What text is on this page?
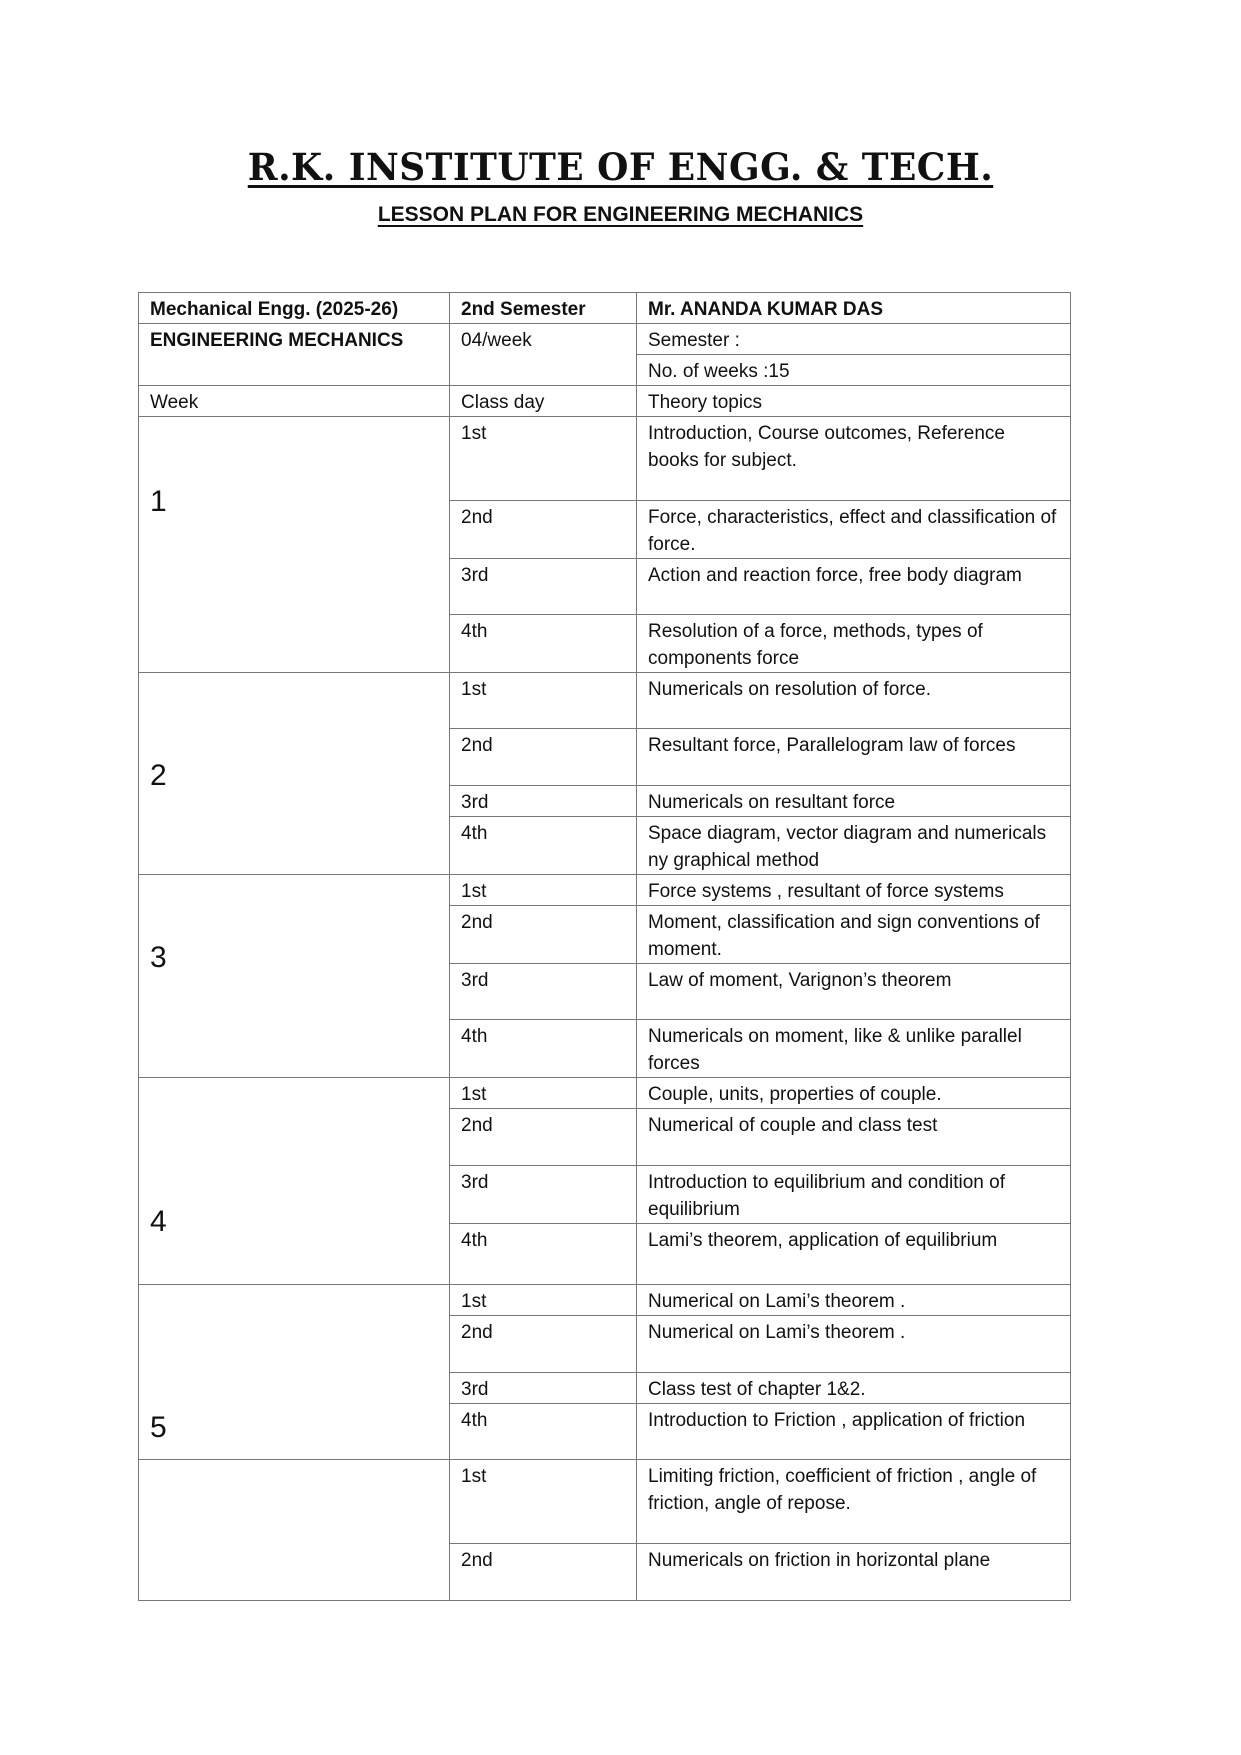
R.K. INSTITUTE OF ENGG. & TECH.
LESSON PLAN FOR ENGINEERING MECHANICS
Mechanical Engg. (2025-26)	2nd Semester	Mr. ANANDA KUMAR DAS
ENGINEERING MECHANICS	04/week	Semester :
		No. of weeks :15
Week	Class day	Theory topics
1	1st	Introduction, Course outcomes, Reference books for subject.
	2nd	Force, characteristics, effect and classification of force.
	3rd	Action and reaction force, free body diagram
	4th	Resolution of a force, methods, types of components force
2	1st	Numericals on resolution of force.
	2nd	Resultant force, Parallelogram law of forces
	3rd	Numericals on resultant force
	4th	Space diagram, vector diagram and numericals ny graphical method
3	1st	Force systems , resultant of force systems
	2nd	Moment, classification and sign conventions of moment.
	3rd	Law of moment, Varignon’s theorem
	4th	Numericals on moment, like & unlike parallel forces
4	1st	Couple, units, properties of couple.
	2nd	Numerical of couple and class test
	3rd	Introduction to equilibrium and condition of equilibrium
	4th	Lami’s theorem, application of equilibrium
5	1st	Numerical on Lami’s theorem .
	2nd	Numerical on Lami’s theorem .
	3rd	Class test of chapter 1&2.
	4th	Introduction to Friction , application of friction
	1st	Limiting friction, coefficient of friction , angle of friction, angle of repose.
	2nd	Numericals on friction in horizontal plane
